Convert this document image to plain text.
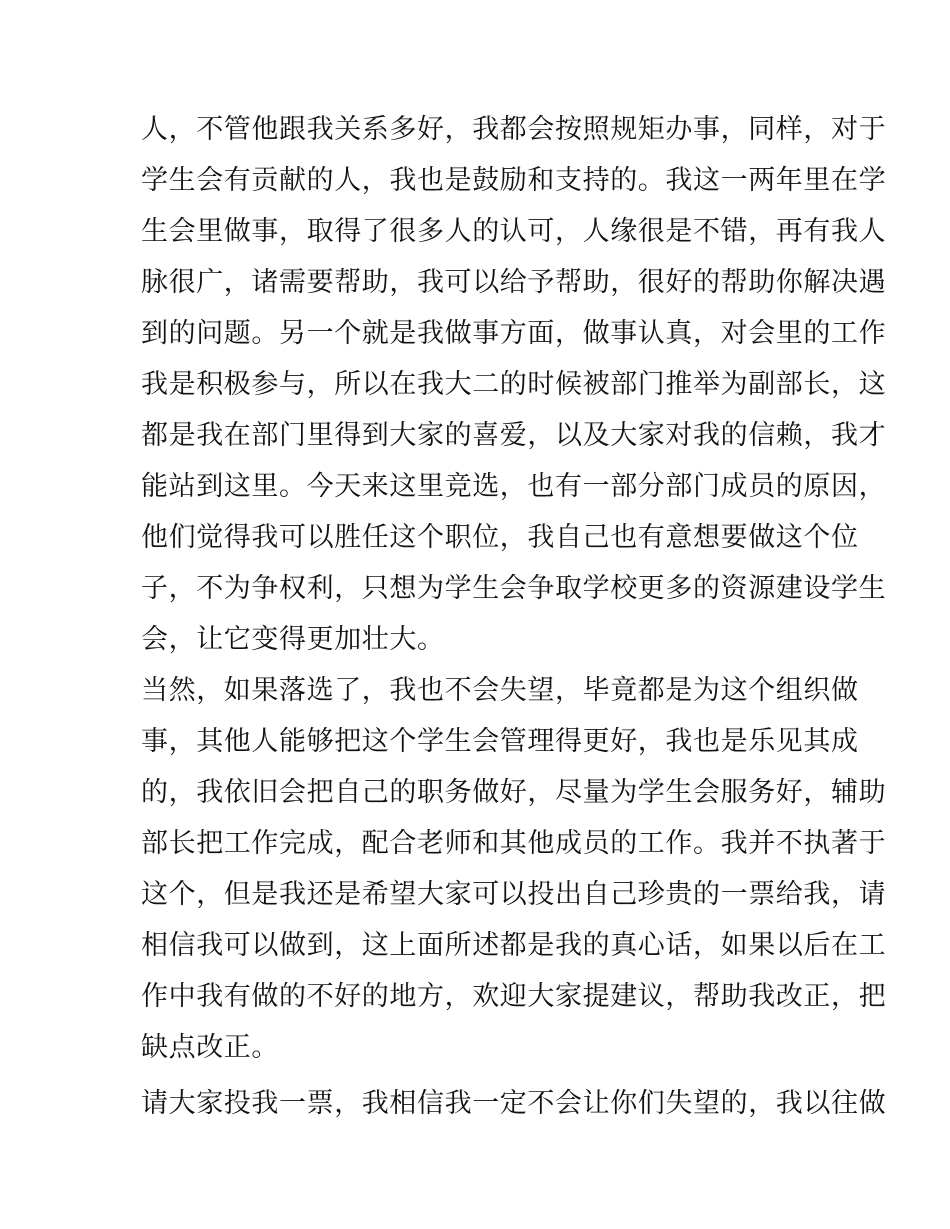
人，不管他跟我关系多好，我都会按照规矩办事，同样，对于
学生会有贡献的人，我也是鼓励和支持的。我这一两年里在学
生会里做事，取得了很多人的认可，人缘很是不错，再有我人
脉很广，诸需要帮助，我可以给予帮助，很好的帮助你解决遇
到的问题。另一个就是我做事方面，做事认真，对会里的工作
我是积极参与，所以在我大二的时候被部门推举为副部长，这
都是我在部门里得到大家的喜爱，以及大家对我的信赖，我才
能站到这里。今天来这里竞选，也有一部分部门成员的原因，
他们觉得我可以胜任这个职位，我自己也有意想要做这个位
子，不为争权利，只想为学生会争取学校更多的资源建设学生
会，让它变得更加壮大。
当然，如果落选了，我也不会失望，毕竟都是为这个组织做
事，其他人能够把这个学生会管理得更好，我也是乐见其成
的，我依旧会把自己的职务做好，尽量为学生会服务好，辅助
部长把工作完成，配合老师和其他成员的工作。我并不执著于
这个，但是我还是希望大家可以投出自己珍贵的一票给我，请
相信我可以做到，这上面所述都是我的真心话，如果以后在工
作中我有做的不好的地方，欢迎大家提建议，帮助我改正，把
缺点改正。
请大家投我一票，我相信我一定不会让你们失望的，我以往做
